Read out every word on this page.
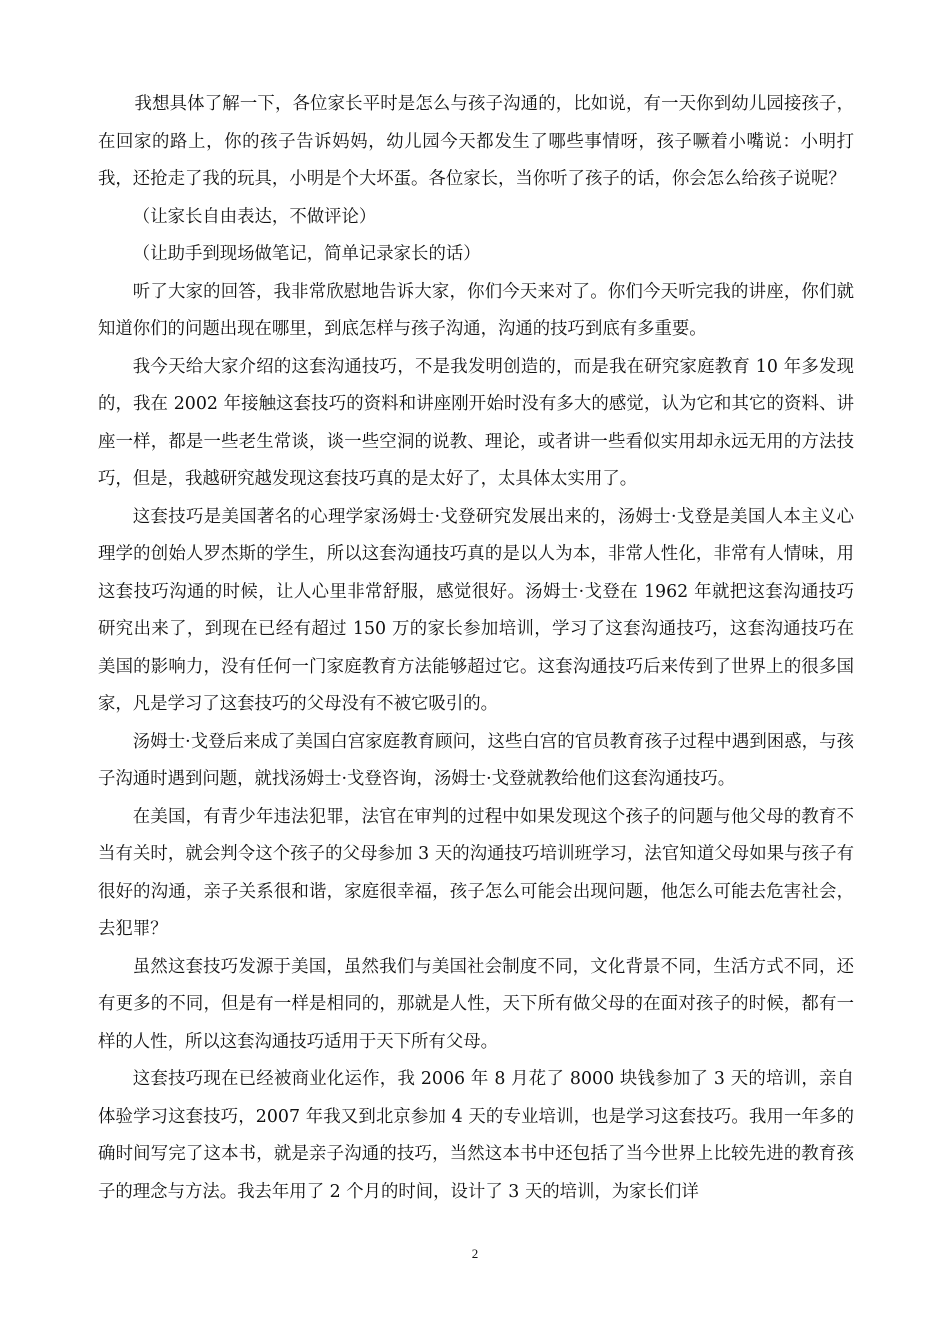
我想具体了解一下，各位家长平时是怎么与孩子沟通的，比如说，有一天你到幼儿园接孩子，在回家的路上，你的孩子告诉妈妈，幼儿园今天都发生了哪些事情呀，孩子噘着小嘴说：小明打我，还抢走了我的玩具，小明是个大坏蛋。各位家长，当你听了孩子的话，你会怎么给孩子说呢？

（让家长自由表达，不做评论）

（让助手到现场做笔记，简单记录家长的话）

听了大家的回答，我非常欣慰地告诉大家，你们今天来对了。你们今天听完我的讲座，你们就知道你们的问题出现在哪里，到底怎样与孩子沟通，沟通的技巧到底有多重要。

我今天给大家介绍的这套沟通技巧，不是我发明创造的，而是我在研究家庭教育 10 年多发现的，我在 2002 年接触这套技巧的资料和讲座刚开始时没有多大的感觉，认为它和其它的资料、讲座一样，都是一些老生常谈，谈一些空洞的说教、理论，或者讲一些看似实用却永远无用的方法技巧，但是，我越研究越发现这套技巧真的是太好了，太具体太实用了。

这套技巧是美国著名的心理学家汤姆士·戈登研究发展出来的，汤姆士·戈登是美国人本主义心理学的创始人罗杰斯的学生，所以这套沟通技巧真的是以人为本，非常人性化，非常有人情味，用这套技巧沟通的时候，让人心里非常舒服，感觉很好。汤姆士·戈登在 1962 年就把这套沟通技巧研究出来了，到现在已经有超过 150 万的家长参加培训，学习了这套沟通技巧，这套沟通技巧在美国的影响力，没有任何一门家庭教育方法能够超过它。这套沟通技巧后来传到了世界上的很多国家，凡是学习了这套技巧的父母没有不被它吸引的。

汤姆士·戈登后来成了美国白宫家庭教育顾问，这些白宫的官员教育孩子过程中遇到困惑，与孩子沟通时遇到问题，就找汤姆士·戈登咨询，汤姆士·戈登就教给他们这套沟通技巧。

在美国，有青少年违法犯罪，法官在审判的过程中如果发现这个孩子的问题与他父母的教育不当有关时，就会判令这个孩子的父母参加 3 天的沟通技巧培训班学习，法官知道父母如果与孩子有很好的沟通，亲子关系很和谐，家庭很幸福，孩子怎么可能会出现问题，他怎么可能去危害社会，去犯罪？

虽然这套技巧发源于美国，虽然我们与美国社会制度不同，文化背景不同，生活方式不同，还有更多的不同，但是有一样是相同的，那就是人性，天下所有做父母的在面对孩子的时候，都有一样的人性，所以这套沟通技巧适用于天下所有父母。

这套技巧现在已经被商业化运作，我 2006 年 8 月花了 8000 块钱参加了 3 天的培训，亲自体验学习这套技巧，2007 年我又到北京参加 4 天的专业培训，也是学习这套技巧。我用一年多的确时间写完了这本书，就是亲子沟通的技巧，当然这本书中还包括了当今世界上比较先进的教育孩子的理念与方法。我去年用了 2 个月的时间，设计了 3 天的培训，为家长们详

2
